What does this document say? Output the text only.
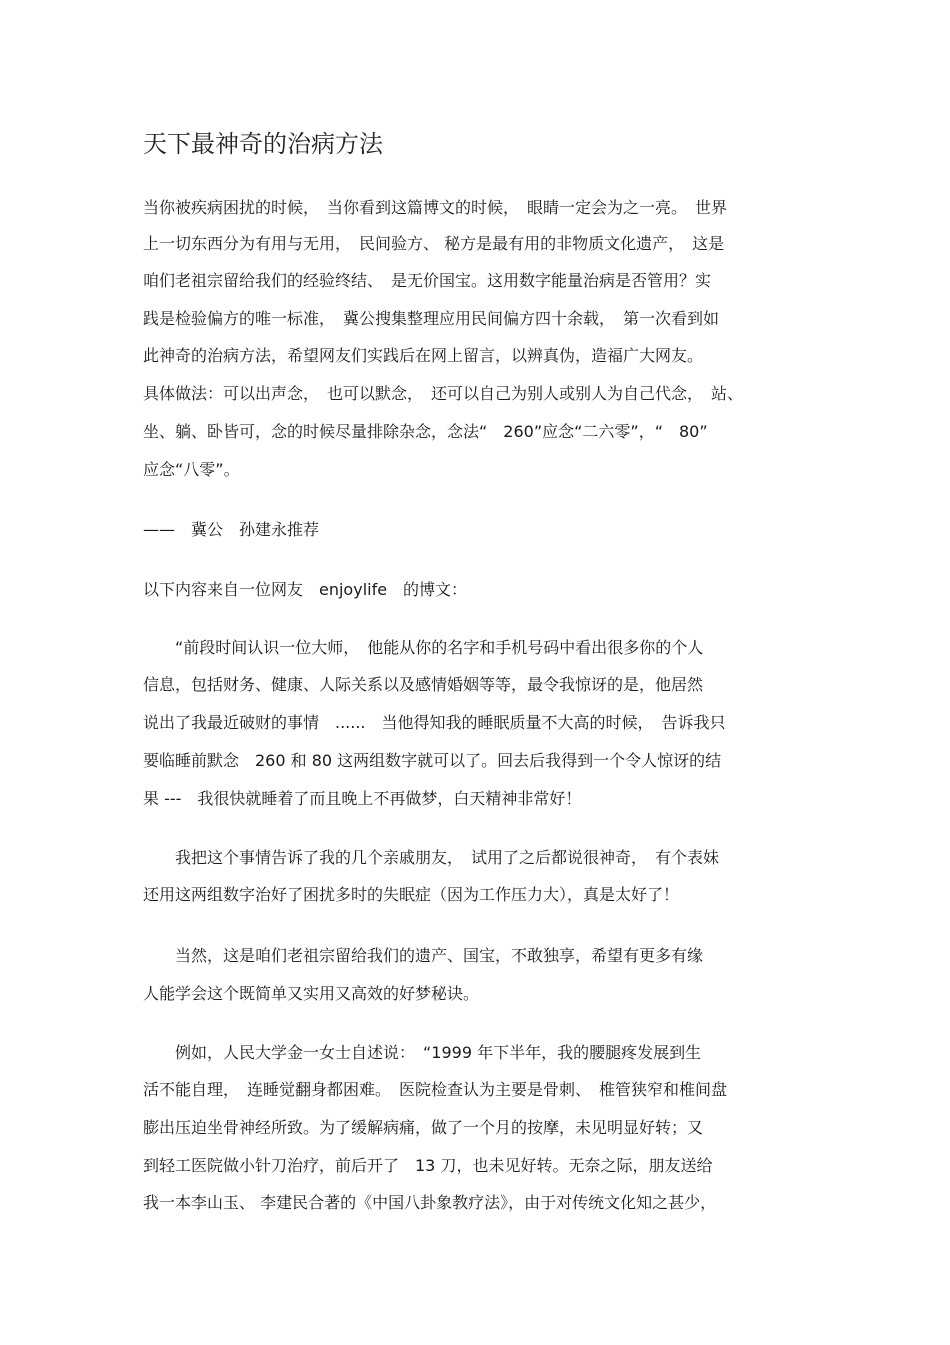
天下最神奇的治病方法
当你被疾病困扰的时候，　当你看到这篇博文的时候，　眼睛一定会为之一亮。　世界
上一切东西分为有用与无用，　民间验方、 秘方是最有用的非物质文化遗产，　这是
咱们老祖宗留给我们的经验终结、　是无价国宝。这用数字能量治病是否管用？实
践是检验偏方的唯一标准，　冀公搜集整理应用民间偏方四十余载，　第一次看到如
此神奇的治病方法，希望网友们实践后在网上留言，以辨真伪，造福广大网友。
具体做法：可以出声念，　也可以默念，　还可以自己为别人或别人为自己代念，　站、
坐、躺、卧皆可，念的时候尽量排除杂念，念法“　260”应念“二六零”，“　80”
应念“八零”。
——　冀公　孙建永推荐
以下内容来自一位网友　enjoylife　的博文：
　　“前段时间认识一位大师，　他能从你的名字和手机号码中看出很多你的个人
信息，包括财务、健康、人际关系以及感情婚姻等等，最令我惊讶的是，他居然
说出了我最近破财的事情　......　当他得知我的睡眠质量不大高的时候，　告诉我只
要临睡前默念　260 和 80 这两组数字就可以了。回去后我得到一个令人惊讶的结
果 ---　我很快就睡着了而且晚上不再做梦，白天精神非常好！
　　我把这个事情告诉了我的几个亲戚朋友，　试用了之后都说很神奇，　有个表妹
还用这两组数字治好了困扰多时的失眠症（因为工作压力大），真是太好了！
　　当然，这是咱们老祖宗留给我们的遗产、国宝，不敢独享，希望有更多有缘
人能学会这个既简单又实用又高效的好梦秘诀。
　　例如，人民大学金一女士自述说：　“1999 年下半年，我的腰腿疼发展到生
活不能自理，　连睡觉翻身都困难。　医院检查认为主要是骨刺、　椎管狭窄和椎间盘
膨出压迫坐骨神经所致。为了缓解病痛，做了一个月的按摩，未见明显好转；又
到轻工医院做小针刀治疗，前后开了　13 刀，也未见好转。无奈之际，朋友送给
我一本李山玉、 李建民合著的《中国八卦象教疗法》，由于对传统文化知之甚少，
